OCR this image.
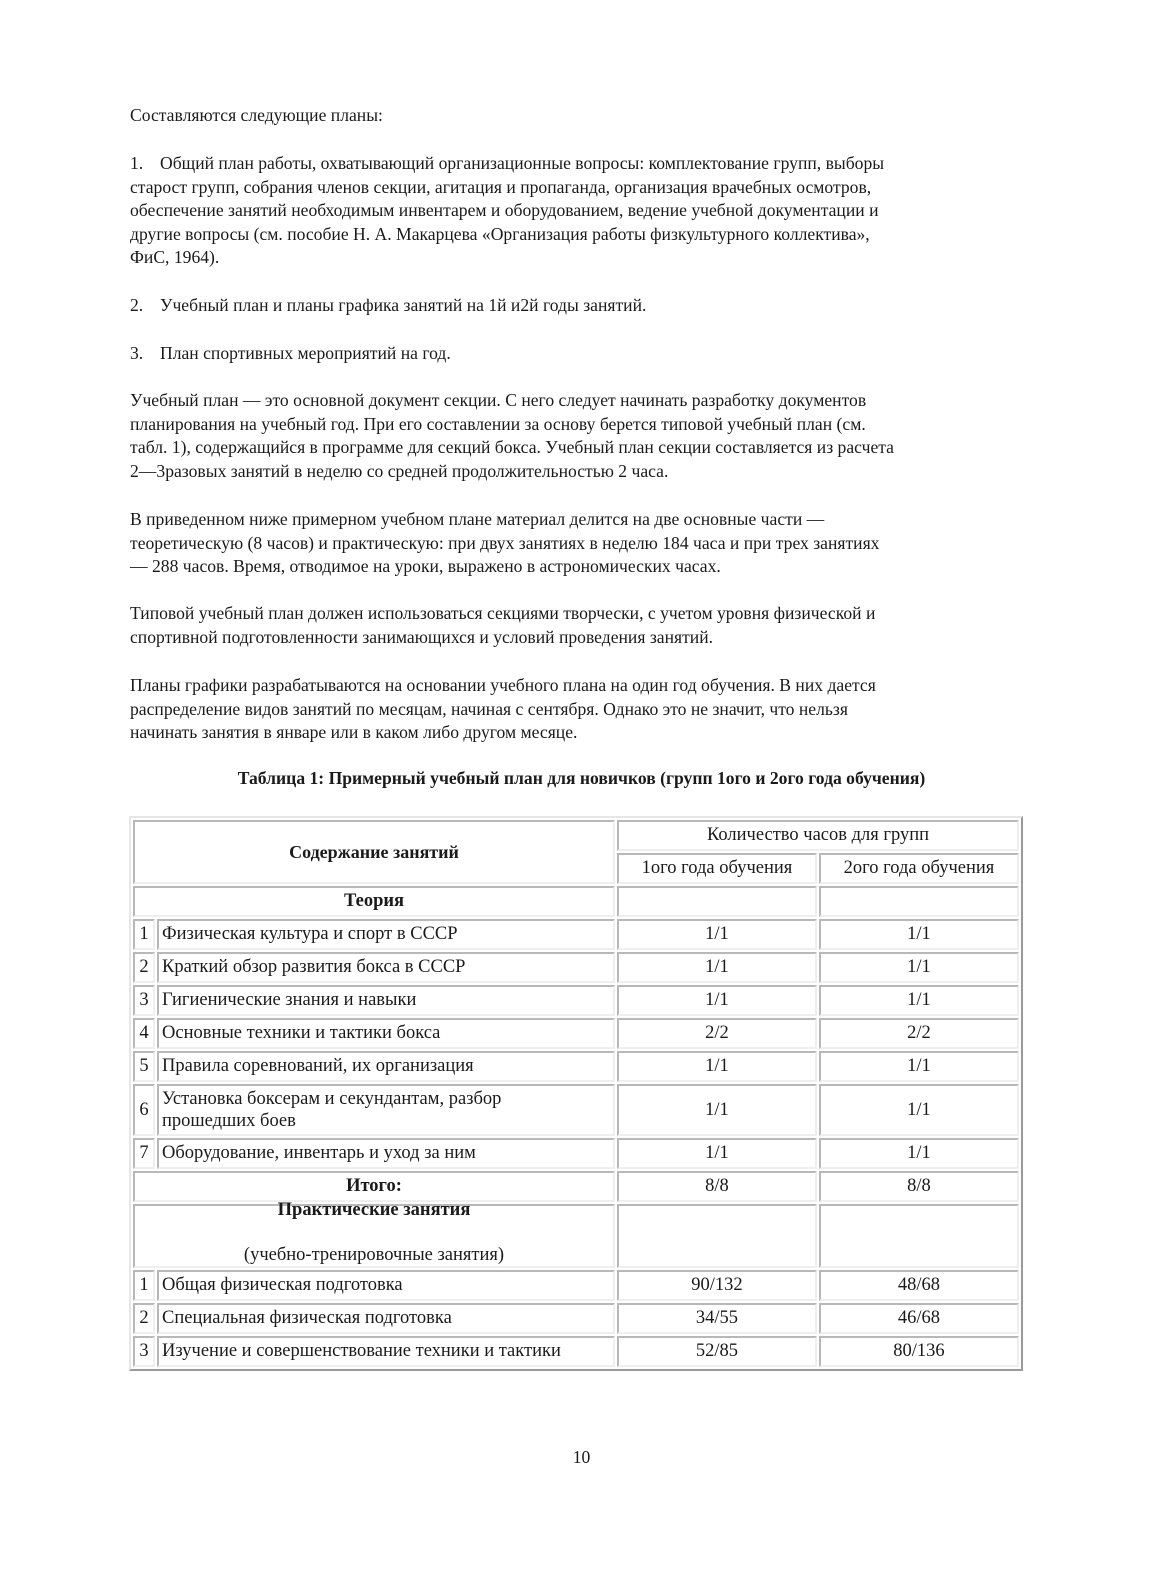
Составляются следующие планы:
1. Общий план работы, охватывающий организационные вопросы: комплектование групп, выборы
старост групп, собрания членов секции, агитация и пропаганда, организация врачебных осмотров,
обеспечение занятий необходимым инвентарем и оборудованием, ведение учебной документации и
другие вопросы (см. пособие Н. А. Макарцева «Организация работы физкультурного коллектива»,
ФиС, 1964).
2. Учебный план и планы графика занятий на 1й и2й годы занятий.
3. План спортивных мероприятий на год.
Учебный план — это основной документ секции. С него следует начинать разработку документов
планирования на учебный год. При его составлении за основу берется типовой учебный план (см.
табл. 1), содержащийся в программе для секций бокса. Учебный план секции составляется из расчета
2—3разовых занятий в неделю со средней продолжительностью 2 часа.
В приведенном ниже примерном учебном плане материал делится на две основные части —
теоретическую (8 часов) и практическую: при двух занятиях в неделю 184 часа и при трех занятиях
— 288 часов. Время, отводимое на уроки, выражено в астрономических часах.
Типовой учебный план должен использоваться секциями творчески, с учетом уровня физической и
спортивной подготовленности занимающихся и условий проведения занятий.
Планы графики разрабатываются на основании учебного плана на один год обучения. В них дается
распределение видов занятий по месяцам, начиная с сентября. Однако это не значит, что нельзя
начинать занятия в январе или в каком либо другом месяце.
Таблица 1: Примерный учебный план для новичков (групп 1ого и 2ого года обучения)
Содержание занятий		Количество часов для групп	
		1ого года обучения	2ого года обучения
Теория			
1	Физическая культура и спорт в СССР	1/1	1/1
2	Краткий обзор развития бокса в СССР	1/1	1/1
3	Гигиенические знания и навыки	1/1	1/1
4	Основные техники и тактики бокса	2/2	2/2
5	Правила соревнований, их организация	1/1	1/1
6	Установка боксерам и секундантам, разбор прошедших боев	1/1	1/1
7	Оборудование, инвентарь и уход за ним	1/1	1/1
Итого:		8/8	8/8

Практические занятия
(учебно-тренировочные занятия)			

1	Общая физическая подготовка	90/132	48/68
2	Специальная физическая подготовка	34/55	46/68
3	Изучение и совершенствование техники и тактики	52/85	80/136
10
